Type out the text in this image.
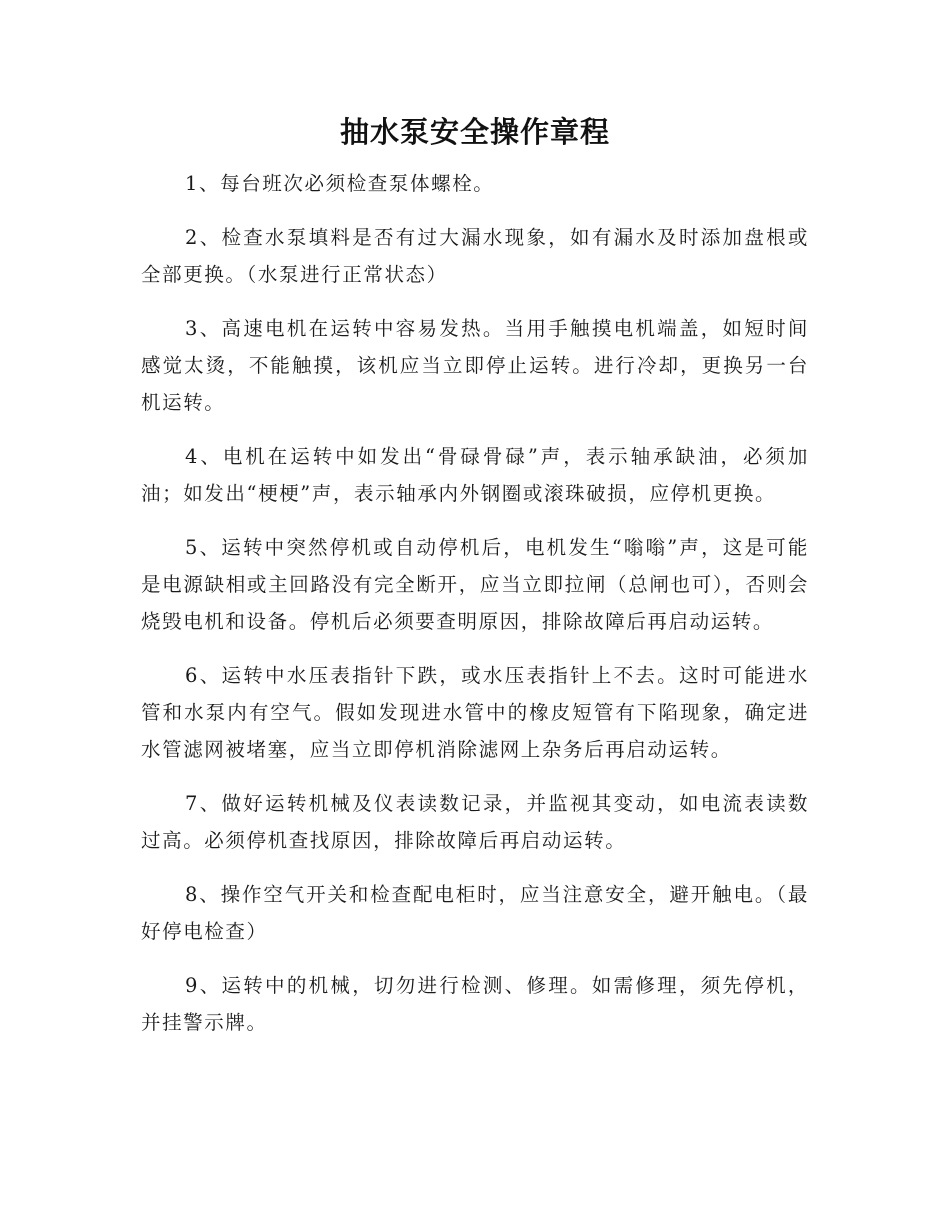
抽水泵安全操作章程

1、每台班次必须检查泵体螺栓。

2、检查水泵填料是否有过大漏水现象，如有漏水及时添加盘根或全部更换。（水泵进行正常状态）

3、高速电机在运转中容易发热。当用手触摸电机端盖，如短时间感觉太烫，不能触摸，该机应当立即停止运转。进行冷却，更换另一台机运转。

4、电机在运转中如发出“骨碌骨碌”声，表示轴承缺油，必须加油；如发出“梗梗”声，表示轴承内外钢圈或滚珠破损，应停机更换。

5、运转中突然停机或自动停机后，电机发生“嗡嗡”声，这是可能是电源缺相或主回路没有完全断开，应当立即拉闸（总闸也可），否则会烧毁电机和设备。停机后必须要查明原因，排除故障后再启动运转。

6、运转中水压表指针下跌，或水压表指针上不去。这时可能进水管和水泵内有空气。假如发现进水管中的橡皮短管有下陷现象，确定进水管滤网被堵塞，应当立即停机消除滤网上杂务后再启动运转。

7、做好运转机械及仪表读数记录，并监视其变动，如电流表读数过高。必须停机查找原因，排除故障后再启动运转。

8、操作空气开关和检查配电柜时，应当注意安全，避开触电。（最好停电检查）

9、运转中的机械，切勿进行检测、修理。如需修理，须先停机，并挂警示牌。
